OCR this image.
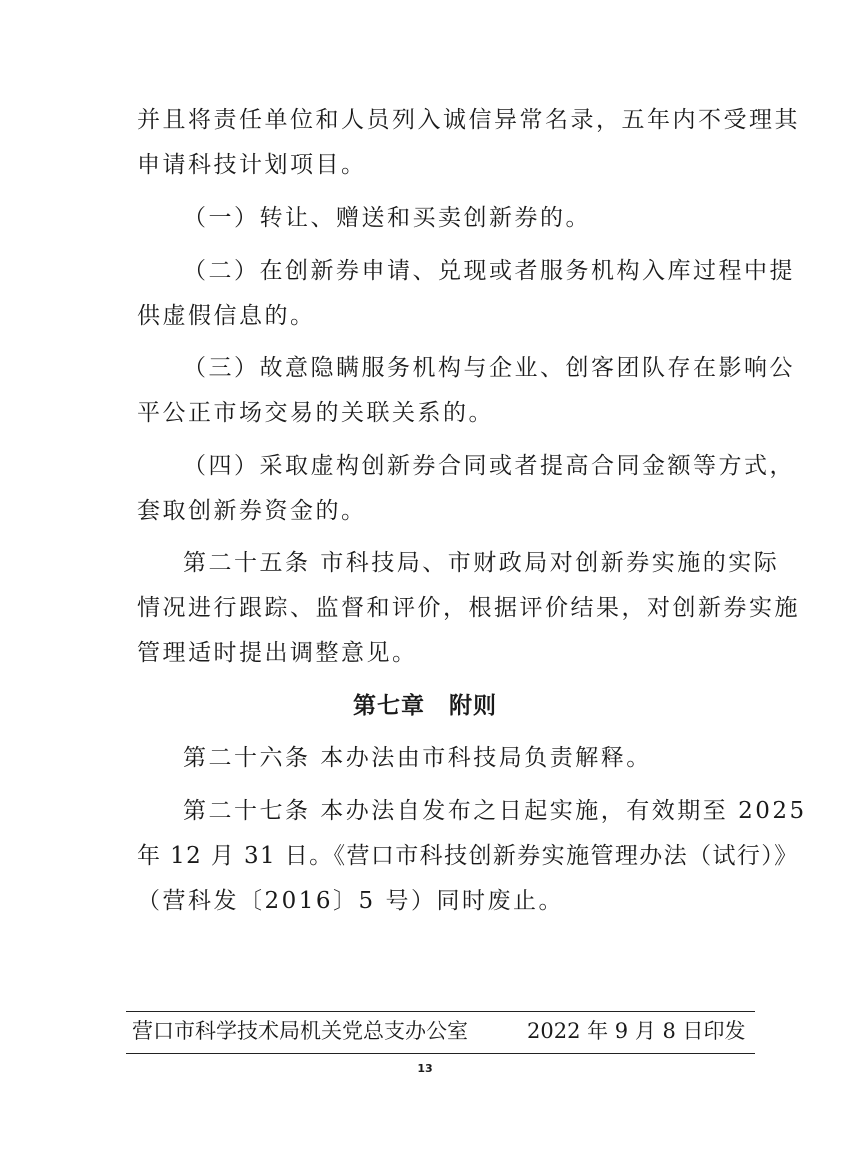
并且将责任单位和人员列入诚信异常名录，五年内不受理其
申请科技计划项目。
（一）转让、赠送和买卖创新券的。
（二）在创新券申请、兑现或者服务机构入库过程中提
供虚假信息的。
（三）故意隐瞒服务机构与企业、创客团队存在影响公
平公正市场交易的关联关系的。
（四）采取虚构创新券合同或者提高合同金额等方式，
套取创新券资金的。
第二十五条 市科技局、市财政局对创新券实施的实际
情况进行跟踪、监督和评价，根据评价结果，对创新券实施
管理适时提出调整意见。
第七章　附则
第二十六条 本办法由市科技局负责解释。
第二十七条 本办法自发布之日起实施，有效期至 2025
年 12 月 31 日。《营口市科技创新券实施管理办法（试行）》
（营科发〔2016〕5 号）同时废止。
营口市科学技术局机关党总支办公室	2022 年 9 月 8 日印发
13
